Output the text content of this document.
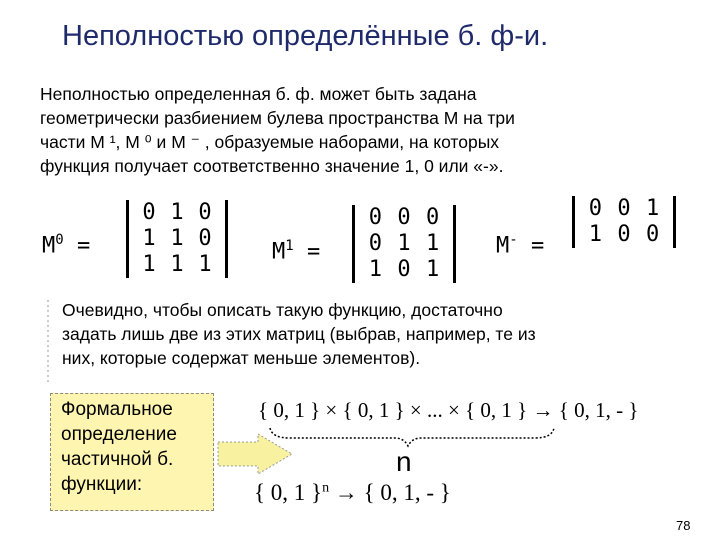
Неполностью определённые б. ф-и.
Неполностью определенная б. ф. может быть задана
геометрически разбиением булева пространства M на три
части M ¹, M ⁰ и M ⁻ , образуемые наборами, на которых
функция получает соответственно значение 1, 0 или «-».
$M^0$ =
0 1 0
1 1 0
1 1 1
$M^1$ =
0 0 0
0 1 1
1 0 1
M- =
0 0 1
1 0 0
Очевидно, чтобы описать такую функцию, достаточно
задать лишь две из этих матриц (выбрав, например, те из
них, которые содержат меньше элементов).
Формальное
определение
частичной б.
функции:
{ 0, 1 } × { 0, 1 } × ... × { 0, 1 } → { 0, 1, - }
n
{ 0, 1 }$^n$ → { 0, 1, - }
78
